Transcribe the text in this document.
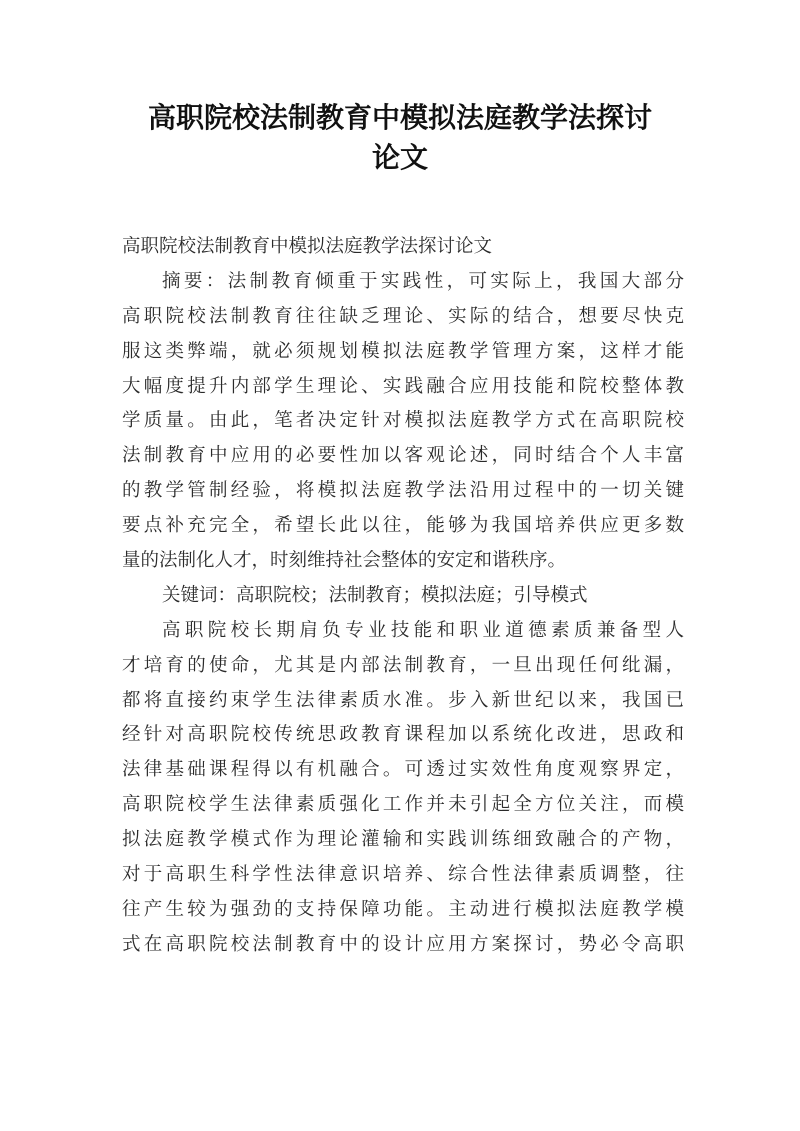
高职院校法制教育中模拟法庭教学法探讨
论文
高职院校法制教育中模拟法庭教学法探讨论文
摘要：法制教育倾重于实践性，可实际上，我国大部分
高职院校法制教育往往缺乏理论、实际的结合，想要尽快克
服这类弊端，就必须规划模拟法庭教学管理方案，这样才能
大幅度提升内部学生理论、实践融合应用技能和院校整体教
学质量。由此，笔者决定针对模拟法庭教学方式在高职院校
法制教育中应用的必要性加以客观论述，同时结合个人丰富
的教学管制经验，将模拟法庭教学法沿用过程中的一切关键
要点补充完全，希望长此以往，能够为我国培养供应更多数
量的法制化人才，时刻维持社会整体的安定和谐秩序。
关键词：高职院校；法制教育；模拟法庭；引导模式
高职院校长期肩负专业技能和职业道德素质兼备型人
才培育的使命，尤其是内部法制教育，一旦出现任何纰漏，
都将直接约束学生法律素质水准。步入新世纪以来，我国已
经针对高职院校传统思政教育课程加以系统化改进，思政和
法律基础课程得以有机融合。可透过实效性角度观察界定，
高职院校学生法律素质强化工作并未引起全方位关注，而模
拟法庭教学模式作为理论灌输和实践训练细致融合的产物，
对于高职生科学性法律意识培养、综合性法律素质调整，往
往产生较为强劲的支持保障功能。主动进行模拟法庭教学模
式在高职院校法制教育中的设计应用方案探讨，势必令高职
